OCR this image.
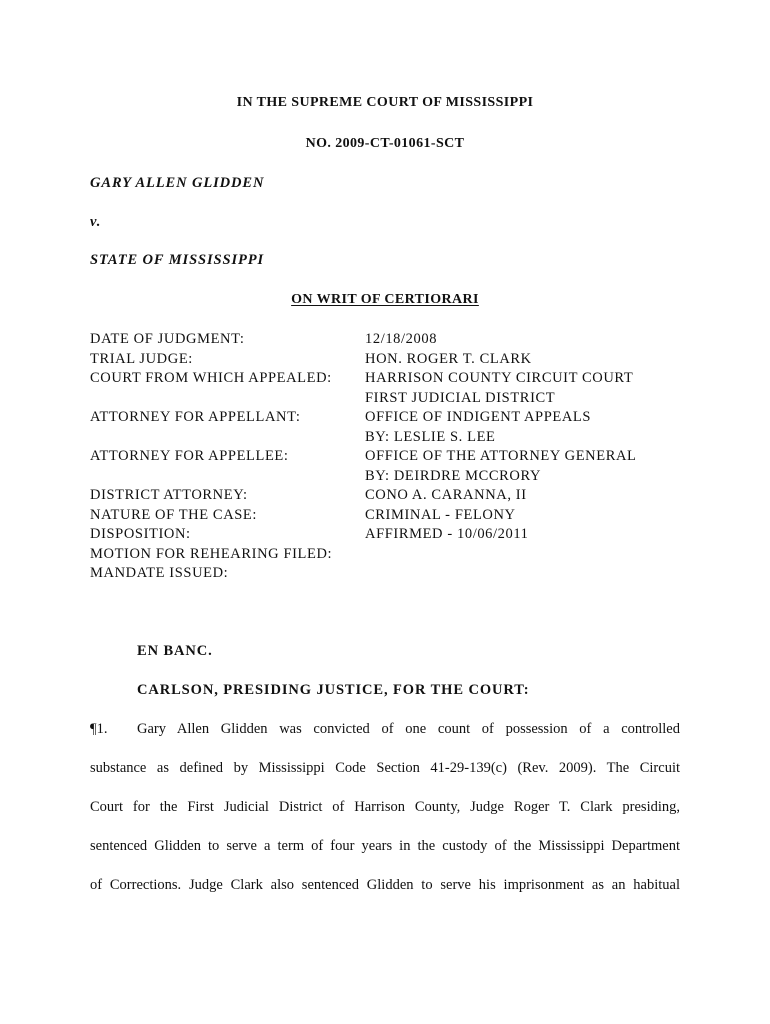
IN THE SUPREME COURT OF MISSISSIPPI
NO. 2009-CT-01061-SCT
GARY ALLEN GLIDDEN
v.
STATE OF MISSISSIPPI
ON WRIT OF CERTIORARI
DATE OF JUDGMENT:	12/18/2008
TRIAL JUDGE:	HON. ROGER T. CLARK
COURT FROM WHICH APPEALED:	HARRISON COUNTY CIRCUIT COURT
FIRST JUDICIAL DISTRICT
ATTORNEY FOR APPELLANT:	OFFICE OF INDIGENT APPEALS
BY: LESLIE S. LEE
ATTORNEY FOR APPELLEE:	OFFICE OF THE ATTORNEY GENERAL
BY: DEIRDRE MCCRORY
DISTRICT ATTORNEY:	CONO A. CARANNA, II
NATURE OF THE CASE:	CRIMINAL - FELONY
DISPOSITION:	AFFIRMED - 10/06/2011
MOTION FOR REHEARING FILED:
MANDATE ISSUED:
EN BANC.
CARLSON, PRESIDING JUSTICE, FOR THE COURT:
¶1. Gary Allen Glidden was convicted of one count of possession of a controlled
substance as defined by Mississippi Code Section 41-29-139(c) (Rev. 2009). The Circuit
Court for the First Judicial District of Harrison County, Judge Roger T. Clark presiding,
sentenced Glidden to serve a term of four years in the custody of the Mississippi Department
of Corrections. Judge Clark also sentenced Glidden to serve his imprisonment as an habitual
